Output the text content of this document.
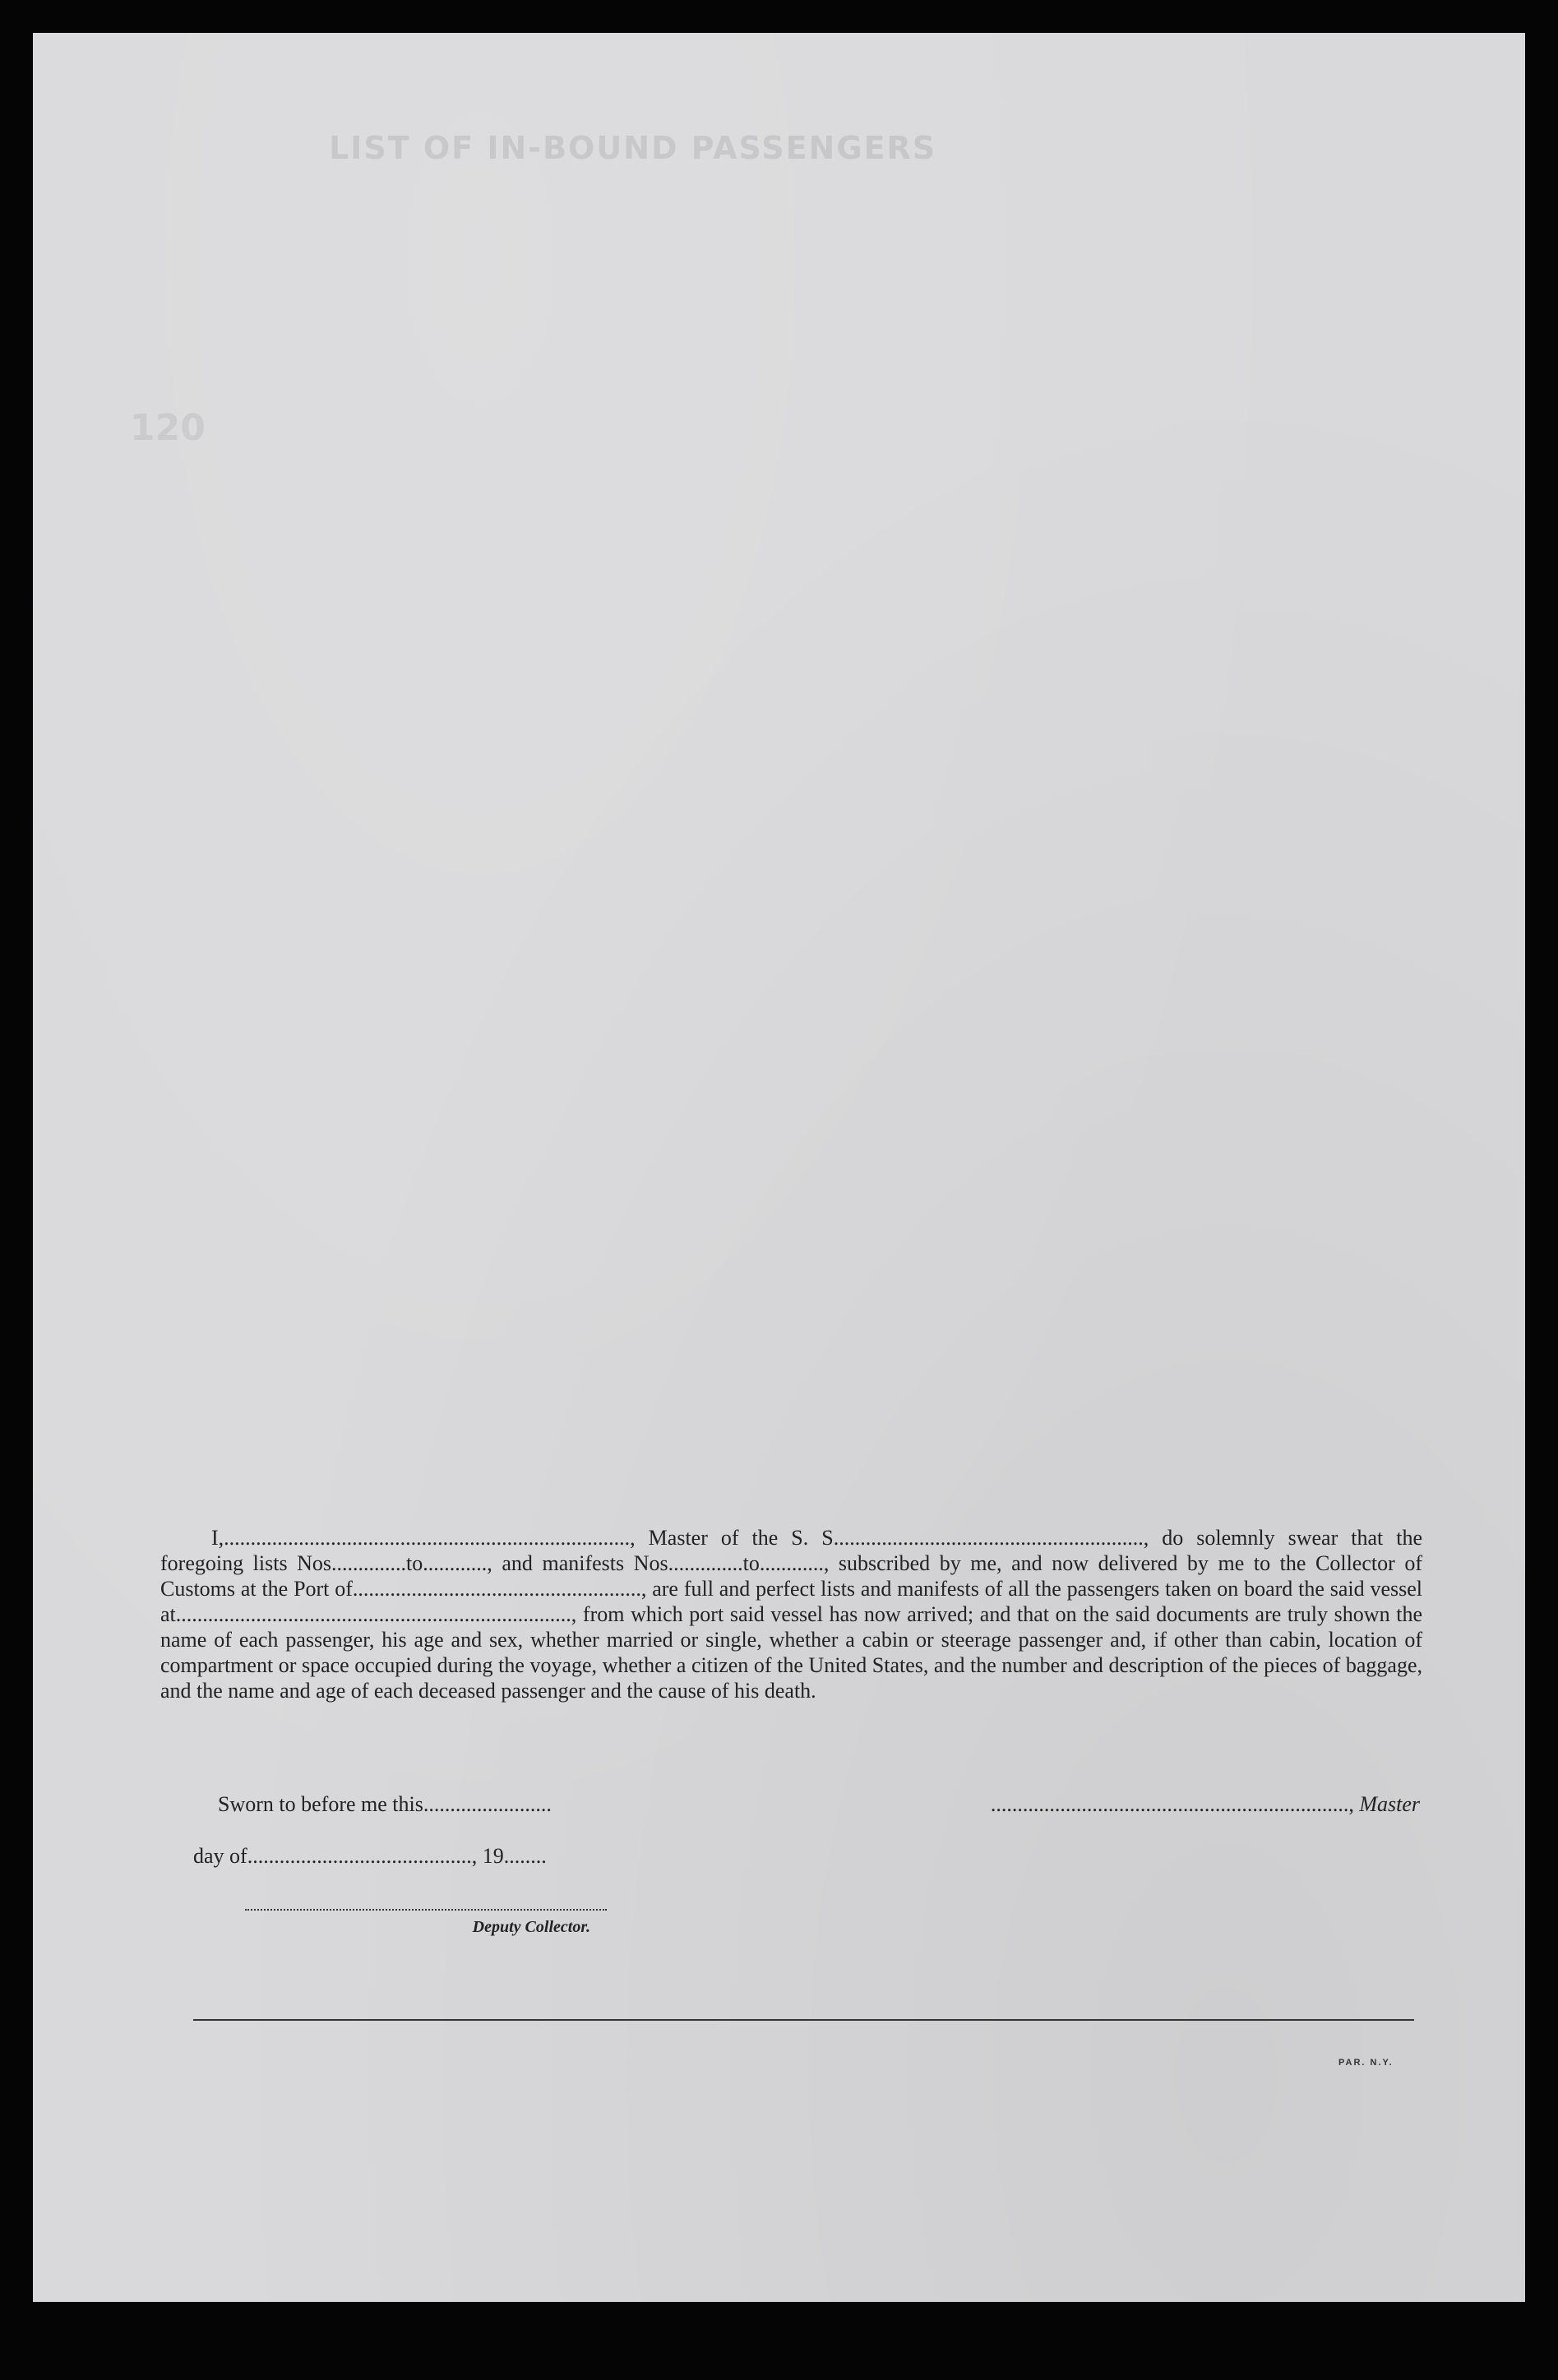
LIST OF IN-BOUND PASSENGERS
120

I,............................................................................, Master of the S. S.........................................................., do solemnly swear that the foregoing lists Nos..............to............, and manifests Nos..............to............, subscribed by me, and now delivered by me to the Collector of Customs at the Port of......................................................, are full and perfect lists and manifests of all the passengers taken on board the said vessel at.........................................................................., from which port said vessel has now arrived; and that on the said documents are truly shown the name of each passenger, his age and sex, whether married or single, whether a cabin or steerage passenger and, if other than cabin, location of compartment or space occupied during the voyage, whether a citizen of the United States, and the number and description of the pieces of baggage, and the name and age of each deceased passenger and the cause of his death.

Sworn to before me this........................	..................................................................., Master
day of.........................................., 19........
Deputy Collector.
PAR. N.Y.
